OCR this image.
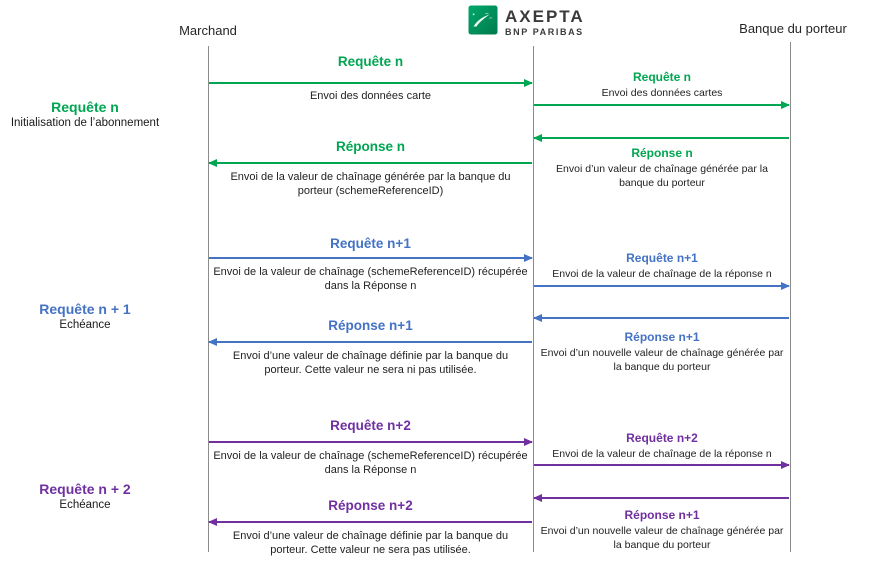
Marchand	Banque du porteur
AXEPTA
BNP PARIBAS
Requête n
Initialisation de l’abonnement
Requête n + 1
Echéance
Requête n + 2
Echéance
Requête n
Envoi des données carte
Réponse n
Envoi de la valeur de chaînage générée par la banque du porteur (schemeReferenceID)
Requête n+1
Envoi de la valeur de chaînage (schemeReferenceID) récupérée dans la Réponse n
Réponse n+1
Envoi d’une valeur de chaînage définie par la banque du porteur. Cette valeur ne sera ni pas utilisée.
Requête n+2
Envoi de la valeur de chaînage (schemeReferenceID) récupérée dans la Réponse n
Réponse n+2
Envoi d’une valeur de chaînage définie par la banque du porteur. Cette valeur ne sera pas utilisée.
Requête n
Envoi des données cartes
Réponse n
Envoi d’un valeur de chaînage générée par la banque du porteur
Requête n+1
Envoi de la valeur de chaînage de la réponse n
Réponse n+1
Envoi d’un nouvelle valeur de chaînage générée par la banque du porteur
Requête n+2
Envoi de la valeur de chaînage de la réponse n
Réponse n+1
Envoi d’un nouvelle valeur de chaînage générée par la banque du porteur
